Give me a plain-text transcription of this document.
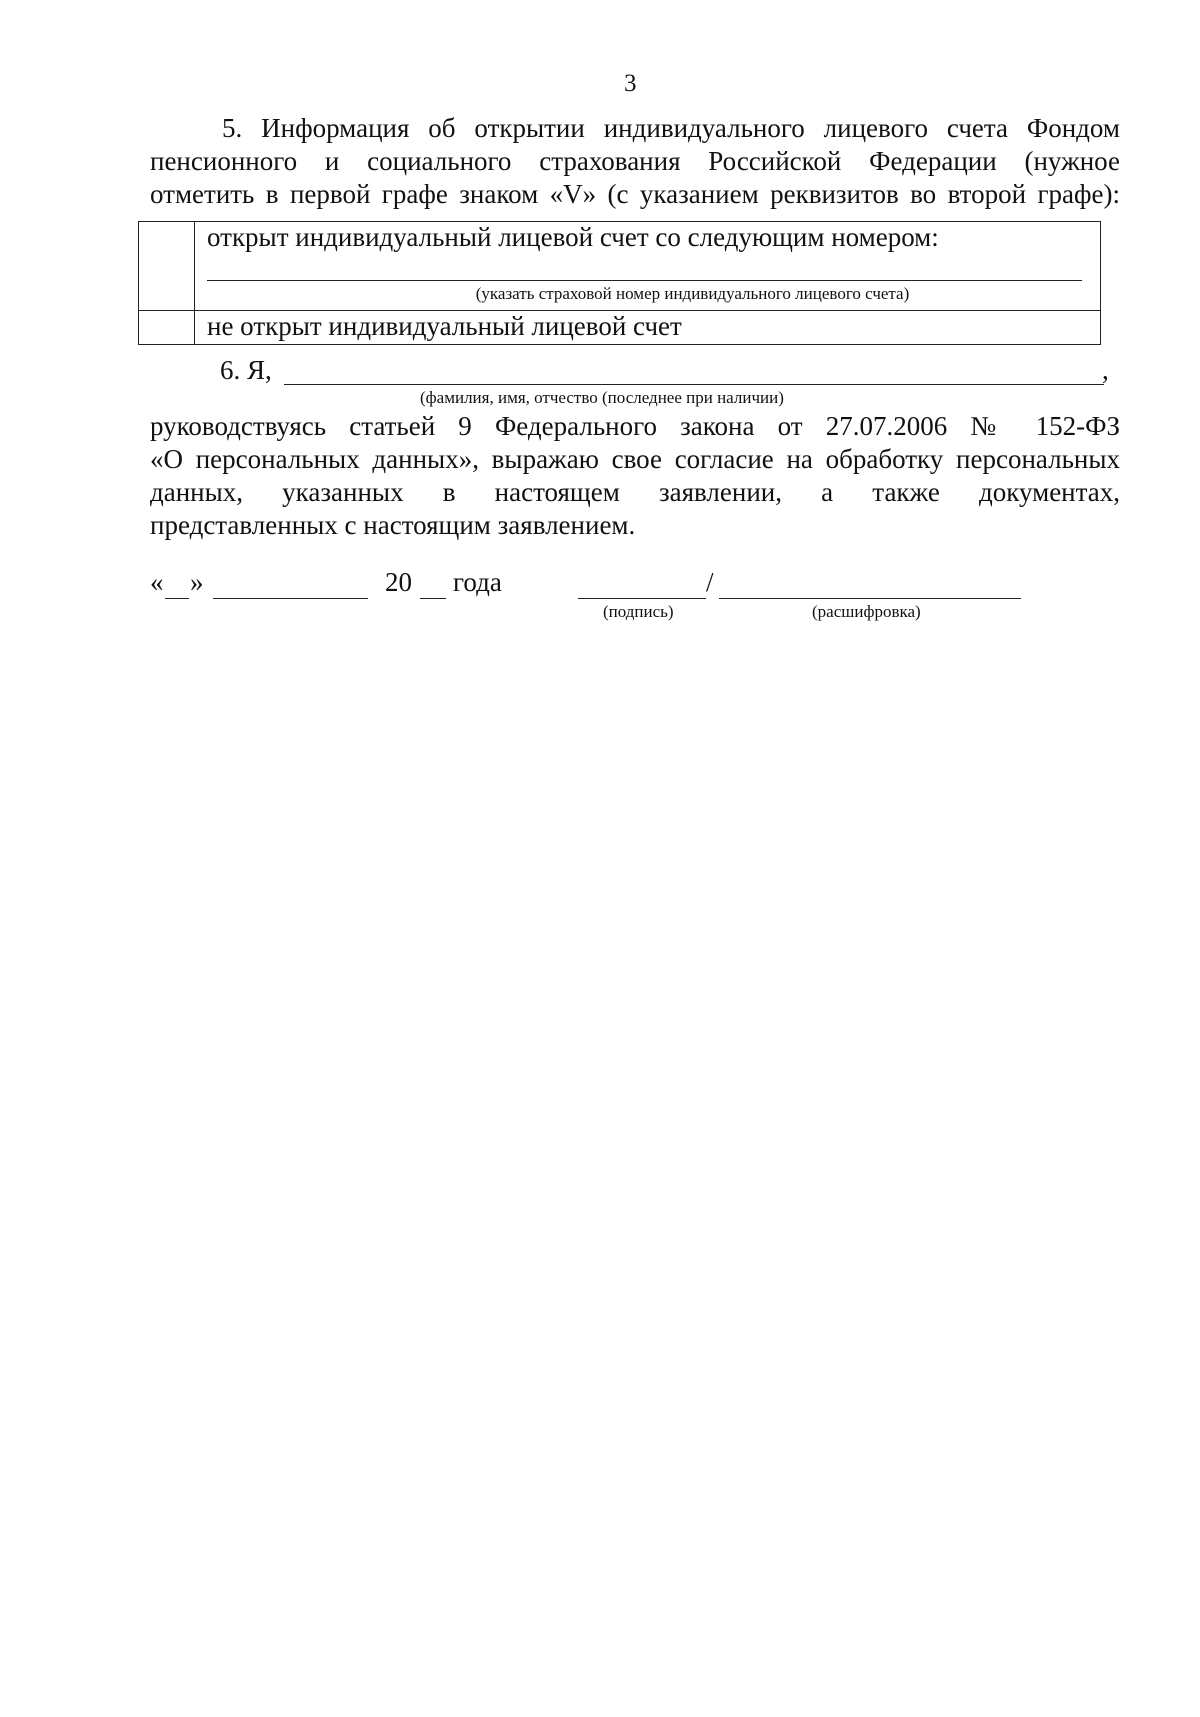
3
5. Информация об открытии индивидуального лицевого счета Фондом
пенсионного и социального страхования Российской Федерации (нужное
отметить в первой графе знаком «V» (с указанием реквизитов во второй графе):

	открыт индивидуальный лицевой счет со следующим номером:
(указать страховой номер индивидуального лицевого счета)

	не открыт индивидуальный лицевой счет
6. Я,	,
(фамилия, имя, отчество (последнее при наличии)
руководствуясь статьей 9 Федерального закона от 27.07.2006 № 152-ФЗ
«О персональных данных», выражаю свое согласие на обработку персональных
данных, указанных в настоящем заявлении, а также документах,
представленных с настоящим заявлением.
« »	20 года	/
(подпись)	(расшифровка)
